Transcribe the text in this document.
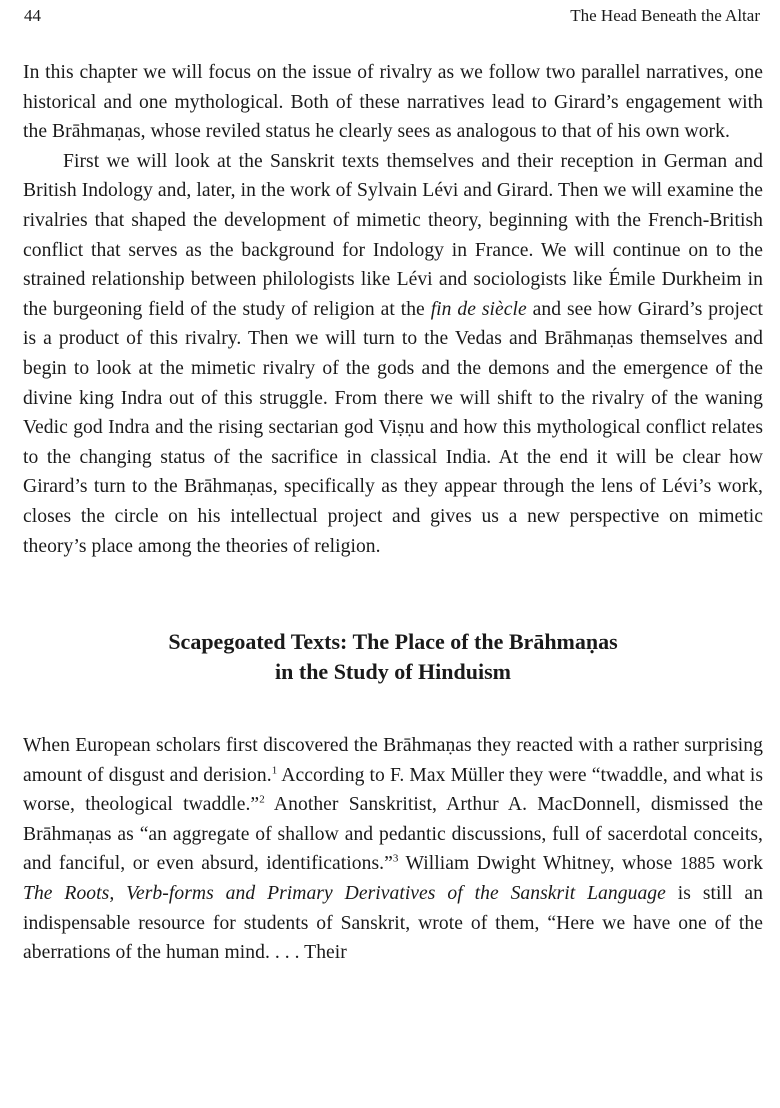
44	The Head Beneath the Altar

In this chapter we will focus on the issue of rivalry as we follow two parallel narratives, one historical and one mythological. Both of these narratives lead to Girard’s engagement with the Brāhmaṇas, whose reviled status he clearly sees as analogous to that of his own work.

First we will look at the Sanskrit texts themselves and their reception in German and British Indology and, later, in the work of Sylvain Lévi and Girard. Then we will examine the rivalries that shaped the development of mimetic theory, beginning with the French-British conflict that serves as the background for Indology in France. We will continue on to the strained relationship between philologists like Lévi and sociologists like Émile Durkheim in the burgeoning field of the study of religion at the fin de siècle and see how Girard’s project is a product of this rivalry. Then we will turn to the Vedas and Brāhmaṇas themselves and begin to look at the mimetic rivalry of the gods and the demons and the emergence of the divine king Indra out of this struggle. From there we will shift to the rivalry of the waning Vedic god Indra and the rising sectarian god Viṣṇu and how this mythological conflict relates to the changing status of the sacrifice in classical India. At the end it will be clear how Girard’s turn to the Brāhmaṇas, specifically as they appear through the lens of Lévi’s work, closes the circle on his intellectual project and gives us a new perspective on mimetic theory’s place among the theories of religion.

Scapegoated Texts: The Place of the Brāhmaṇas
in the Study of Hinduism

When European scholars first discovered the Brāhmaṇas they reacted with a rather surprising amount of disgust and derision.$^1$ According to F. Max Müller they were “twaddle, and what is worse, theological twaddle.”$^2$ Another Sanskritist, Arthur A. MacDonnell, dismissed the Brāhmaṇas as “an aggregate of shallow and pedantic discussions, full of sacerdotal conceits, and fanciful, or even absurd, identifications.”$^3$ William Dwight Whitney, whose 1885 work The Roots, Verb-forms and Primary Derivatives of the Sanskrit Language is still an indispensable resource for students of Sanskrit, wrote of them, “Here we have one of the aberrations of the human mind. . . . Their
